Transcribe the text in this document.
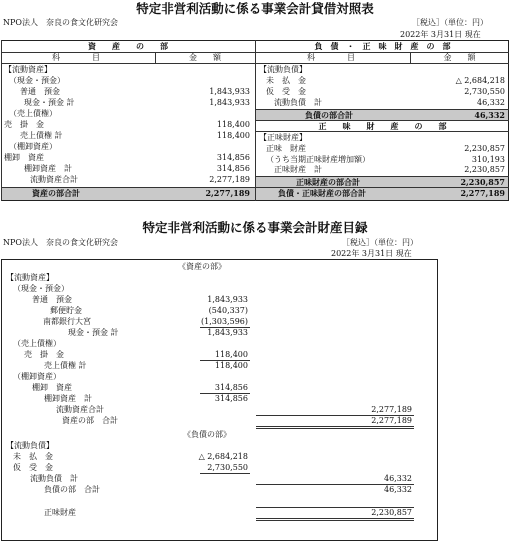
特定非営利活動に係る事業会計貸借対照表
NPO法人　奈良の食文化研究会	［税込］（単位：円）
2022年 3月31日 現在
資　　産　　の　　部	負　債　・　正　味　財　産　の　部
科　　　　目	金　　額	科　　　　目	金　　額
【流動資産】
（現金・預金）
普通　預金	1,843,933
現金・預金 計	1,843,933
（売上債権）
売　掛　金	118,400
売上債権 計	118,400
（棚卸資産）
棚卸　資産	314,856
棚卸資産　計	314,856
流動資産合計	2,277,189
資産の部合計	2,277,189
【流動負債】
未　払　金	△ 2,684,218
仮　受　金	2,730,550
流動負債　計	46,332
負債の部合計	46,332
正　　味　　財　　産　　の　　部
【正味財産】
正味　財産	2,230,857
（うち当期正味財産増加額）	310,193
正味財産　計	2,230,857
正味財産の部合計	2,230,857
負債・正味財産の部合計	2,277,189
特定非営利活動に係る事業会計財産目録
NPO法人　奈良の食文化研究会	［税込］（単位：円）
2022年 3月31日 現在
《資産の部》
【流動資産】
（現金・預金）
普通　預金	1,843,933
郵便貯金	(540,337)
南都銀行大宮	(1,303,596)
現金・預金 計	1,843,933
（売上債権）
売　掛　金	118,400
売上債権 計	118,400
（棚卸資産）
棚卸　資産	314,856
棚卸資産　計	314,856
流動資産合計	2,277,189
資産の部　合計	2,277,189
《負債の部》
【流動負債】
未　払　金	△ 2,684,218
仮　受　金	2,730,550
流動負債　計	46,332
負債の部　合計	46,332
正味財産	2,230,857
